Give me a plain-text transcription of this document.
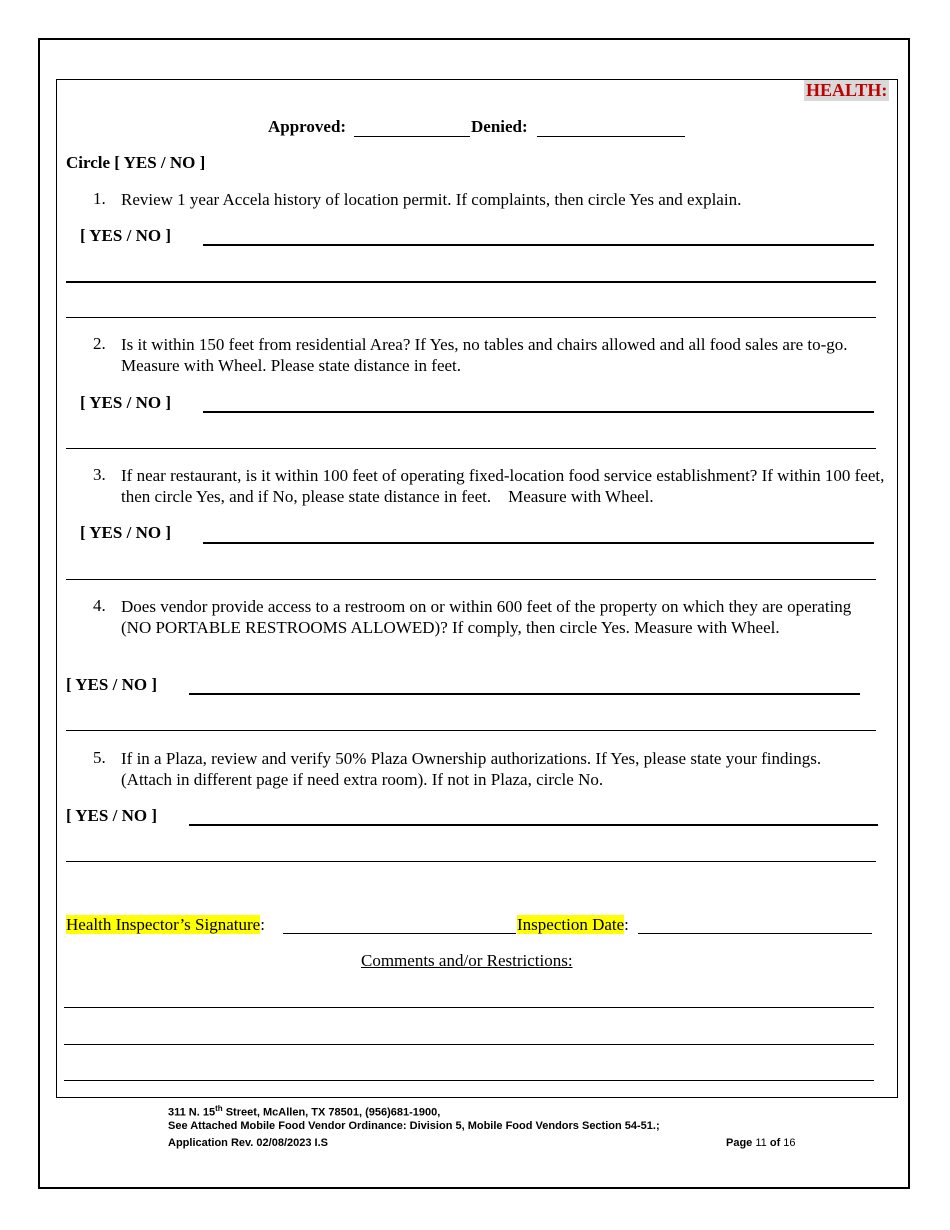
HEALTH:
Approved:	Denied:
Circle [ YES / NO ]
1. Review 1 year Accela history of location permit. If complaints, then circle Yes and explain.
[ YES / NO ]
2. Is it within 150 feet from residential Area? If Yes, no tables and chairs allowed and all food sales are to-go. Measure with Wheel. Please state distance in feet.
[ YES / NO ]
3. If near restaurant, is it within 100 feet of operating fixed-location food service establishment? If within 100 feet, then circle Yes, and if No, please state distance in feet.    Measure with Wheel.
[ YES / NO ]
4. Does vendor provide access to a restroom on or within 600 feet of the property on which they are operating (NO PORTABLE RESTROOMS ALLOWED)? If comply, then circle Yes. Measure with Wheel.
[ YES / NO ]
5. If in a Plaza, review and verify 50% Plaza Ownership authorizations. If Yes, please state your findings. (Attach in different page if need extra room). If not in Plaza, circle No.
[ YES / NO ]
Health Inspector’s Signature:	Inspection Date:
Comments and/or Restrictions:
311 N. 15th Street, McAllen, TX 78501, (956)681-1900,
See Attached Mobile Food Vendor Ordinance: Division 5, Mobile Food Vendors Section 54-51.;
Application Rev. 02/08/2023 I.S	Page 11 of 16
